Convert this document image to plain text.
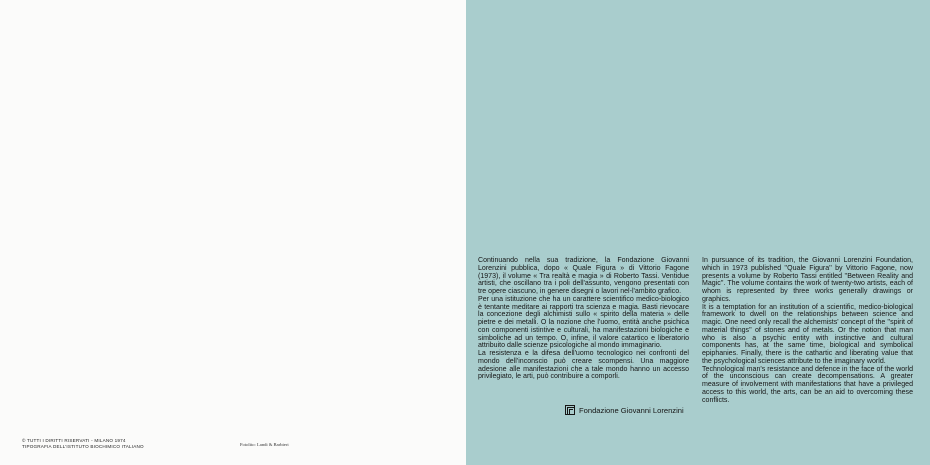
© TUTTI I DIRITTI RISERVATI - MILANO 1974
TIPOGRAFIA DELL'ISTITUTO BIOCHIMICO ITALIANO	Fotolito: Landi & Barbieri

Continuando nella sua tradizione, la Fondazione Giovanni Lorenzini pubblica, dopo « Quale Figura » di Vittorio Fagone (1973), il volume « Tra realtà e magia » di Roberto Tassi. Ventidue artisti, che oscillano tra i poli dell'assunto, vengono presentati con tre opere ciascuno, in genere disegni o lavori nel-l'ambito grafico.

Per una istituzione che ha un carattere scientifico medico-biologico è tentante meditare ai rapporti tra scienza e magia. Basti rievocare la concezione degli alchimisti sullo « spirito della materia » delle pietre e dei metalli. O la nozione che l'uomo, entità anche psichica con componenti istintive e culturali, ha manifestazioni biologiche e simboliche ad un tempo. O, infine, il valore catartico e liberatorio attribuito dalle scienze psicologiche al mondo immaginario.

La resistenza e la difesa dell'uomo tecnologico nei confronti del mondo dell'inconscio può creare scompensi. Una maggiore adesione alle manifestazioni che a tale mondo hanno un accesso privilegiato, le arti, può contribuire a comporli.

In pursuance of its tradition, the Giovanni Lorenzini Foundation, which in 1973 published ''Quale Figura'' by Vittorio Fagone, now presents a volume by Roberto Tassi entitled ''Between Reality and Magic''. The volume contains the work of twenty-two artists, each of whom is represented by three works generally drawings or graphics.

It is a temptation for an institution of a scientific, medico-biological framework to dwell on the relationships between science and magic. One need only recall the alchemists' concept of the ''spirit of material things'' of stones and of metals. Or the notion that man who is also a psychic entity with instinctive and cultural components has, at the same time, biological and symbolical epiphanies. Finally, there is the cathartic and liberating value that the psychological sciences attribute to the imaginary world.

Technological man's resistance and defence in the face of the world of the unconscious can create decompensations. A greater measure of involvement with manifestations that have a privileged access to this world, the arts, can be an aid to overcoming these conflicts.

Fondazione Giovanni Lorenzini
